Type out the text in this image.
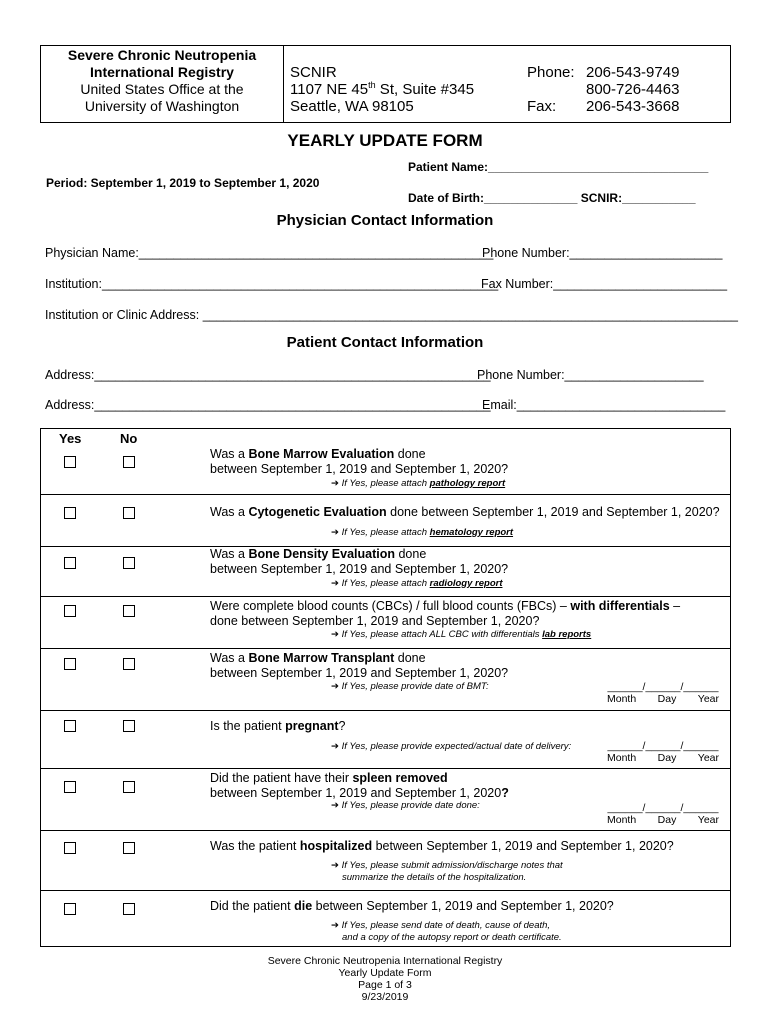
Severe Chronic Neutropenia
International Registry
United States Office at the
University of Washington
SCNIR
1107 NE 45th St, Suite #345
Seattle, WA 98105
Phone: 206-543-9749
800-726-4463
Fax: 206-543-3668
YEARLY UPDATE FORM
Patient Name:_________________________________
Period: September 1, 2019 to September 1, 2020
Date of Birth:______________ SCNIR:___________
Physician Contact Information
Physician Name:___________________________________________________
Phone Number:______________________
Institution:_________________________________________________________
Fax Number:_________________________
Institution or Clinic Address: _____________________________________________________________________________
Patient Contact Information
Address:_________________________________________________________
Phone Number:____________________
Address:_________________________________________________________
Email:______________________________
Yes	No
Was a Bone Marrow Evaluation done
between September 1, 2019 and September 1, 2020?
➔ If Yes, please attach pathology report
Was a Cytogenetic Evaluation done between September 1, 2019 and September 1, 2020?
➔ If Yes, please attach hematology report
Was a Bone Density Evaluation done
between September 1, 2019 and September 1, 2020?
➔ If Yes, please attach radiology report
Were complete blood counts (CBCs) / full blood counts (FBCs) – with differentials –
done between September 1, 2019 and September 1, 2020?
➔ If Yes, please attach ALL CBC with differentials lab reports
Was a Bone Marrow Transplant done
between September 1, 2019 and September 1, 2020?
➔ If Yes, please provide date of BMT:	______/______/______
Month Day Year
Is the patient pregnant?
➔ If Yes, please provide expected/actual date of delivery:	______/______/______
Month Day Year
Did the patient have their spleen removed
between September 1, 2019 and September 1, 2020?
➔ If Yes, please provide date done:	______/______/______
Month Day Year
Was the patient hospitalized between September 1, 2019 and September 1, 2020?
➔ If Yes, please submit admission/discharge notes that
summarize the details of the hospitalization.
Did the patient die between September 1, 2019 and September 1, 2020?
➔ If Yes, please send date of death, cause of death,
and a copy of the autopsy report or death certificate.
Severe Chronic Neutropenia International Registry
Yearly Update Form
Page 1 of 3
9/23/2019
